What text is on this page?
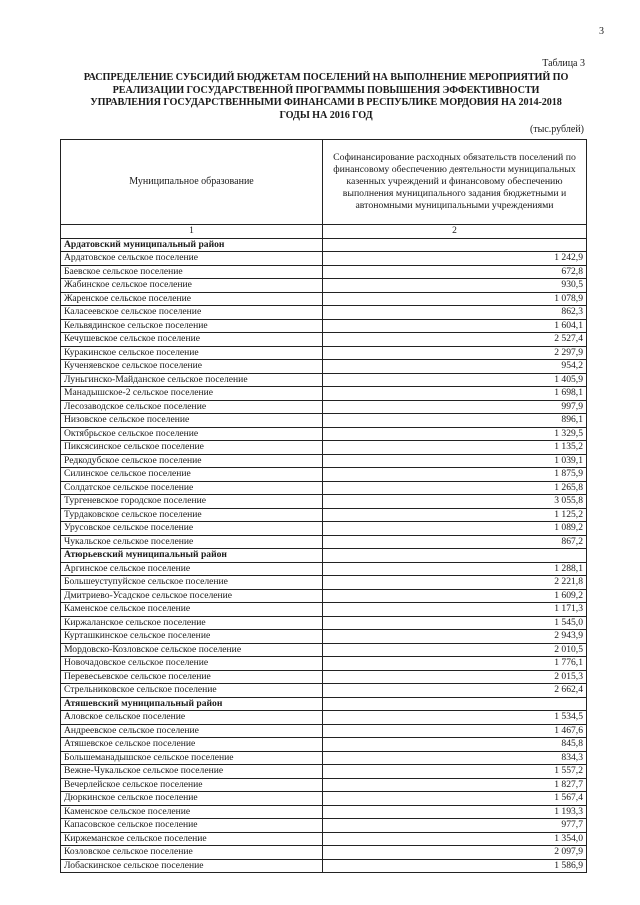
3
Таблица 3
РАСПРЕДЕЛЕНИЕ СУБСИДИЙ БЮДЖЕТАМ ПОСЕЛЕНИЙ НА ВЫПОЛНЕНИЕ МЕРОПРИЯТИЙ ПО
РЕАЛИЗАЦИИ ГОСУДАРСТВЕННОЙ ПРОГРАММЫ ПОВЫШЕНИЯ ЭФФЕКТИВНОСТИ
УПРАВЛЕНИЯ ГОСУДАРСТВЕННЫМИ ФИНАНСАМИ В РЕСПУБЛИКЕ МОРДОВИЯ НА 2014-2018
ГОДЫ НА 2016 ГОД
(тыс.рублей)
Муниципальное образование	Софинансирование расходных обязательств поселений по финансовому обеспечению деятельности муниципальных казенных учреждений и финансовому обеспечению выполнения муниципального задания бюджетными и автономными муниципальными учреждениями
1	2
Ардатовский муниципальный район	
Ардатовское сельское поселение	1 242,9
Баевское сельское поселение	672,8
Жабинское сельское поселение	930,5
Жаренское сельское поселение	1 078,9
Каласеевское сельское поселение	862,3
Кельвядинское сельское поселение	1 604,1
Кечушевское сельское поселение	2 527,4
Куракинское сельское поселение	2 297,9
Кученяевское сельское поселение	954,2
Луньгинско-Майданское сельское поселение	1 405,9
Манадышское-2 сельское поселение	1 698,1
Лесозаводское сельское поселение	997,9
Низовское сельское поселение	896,1
Октябрьское сельское поселение	1 329,5
Пиксясинское сельское поселение	1 135,2
Редкодубское сельское поселение	1 039,1
Силинское сельское поселение	1 875,9
Солдатское сельское поселение	1 265,8
Тургеневское городское поселение	3 055,8
Турдаковское сельское поселение	1 125,2
Урусовское сельское поселение	1 089,2
Чукальское сельское поселение	867,2
Атюрьевский муниципальный район	
Аргинское сельское поселение	1 288,1
Большеуступуйское сельское поселение	2 221,8
Дмитриево-Усадское сельское поселение	1 609,2
Каменское сельское поселение	1 171,3
Киржаланское сельское поселение	1 545,0
Курташкинское сельское поселение	2 943,9
Мордовско-Козловское сельское поселение	2 010,5
Новочадовское сельское поселение	1 776,1
Перевесьевское сельское поселение	2 015,3
Стрельниковское сельское поселение	2 662,4
Атяшевский муниципальный район	
Аловское сельское поселение	1 534,5
Андреевское сельское поселение	1 467,6
Атяшевское сельское поселение	845,8
Большеманадышское сельское поселение	834,3
Вежне-Чукальское сельское поселение	1 557,2
Вечерлейское сельское поселение	1 827,7
Дюркинское сельское поселение	1 567,4
Каменское сельское поселение	1 193,3
Капасовское сельское поселение	977,7
Киржеманское сельское поселение	1 354,0
Козловское сельское поселение	2 097,9
Лобаскинское сельское поселение	1 586,9
